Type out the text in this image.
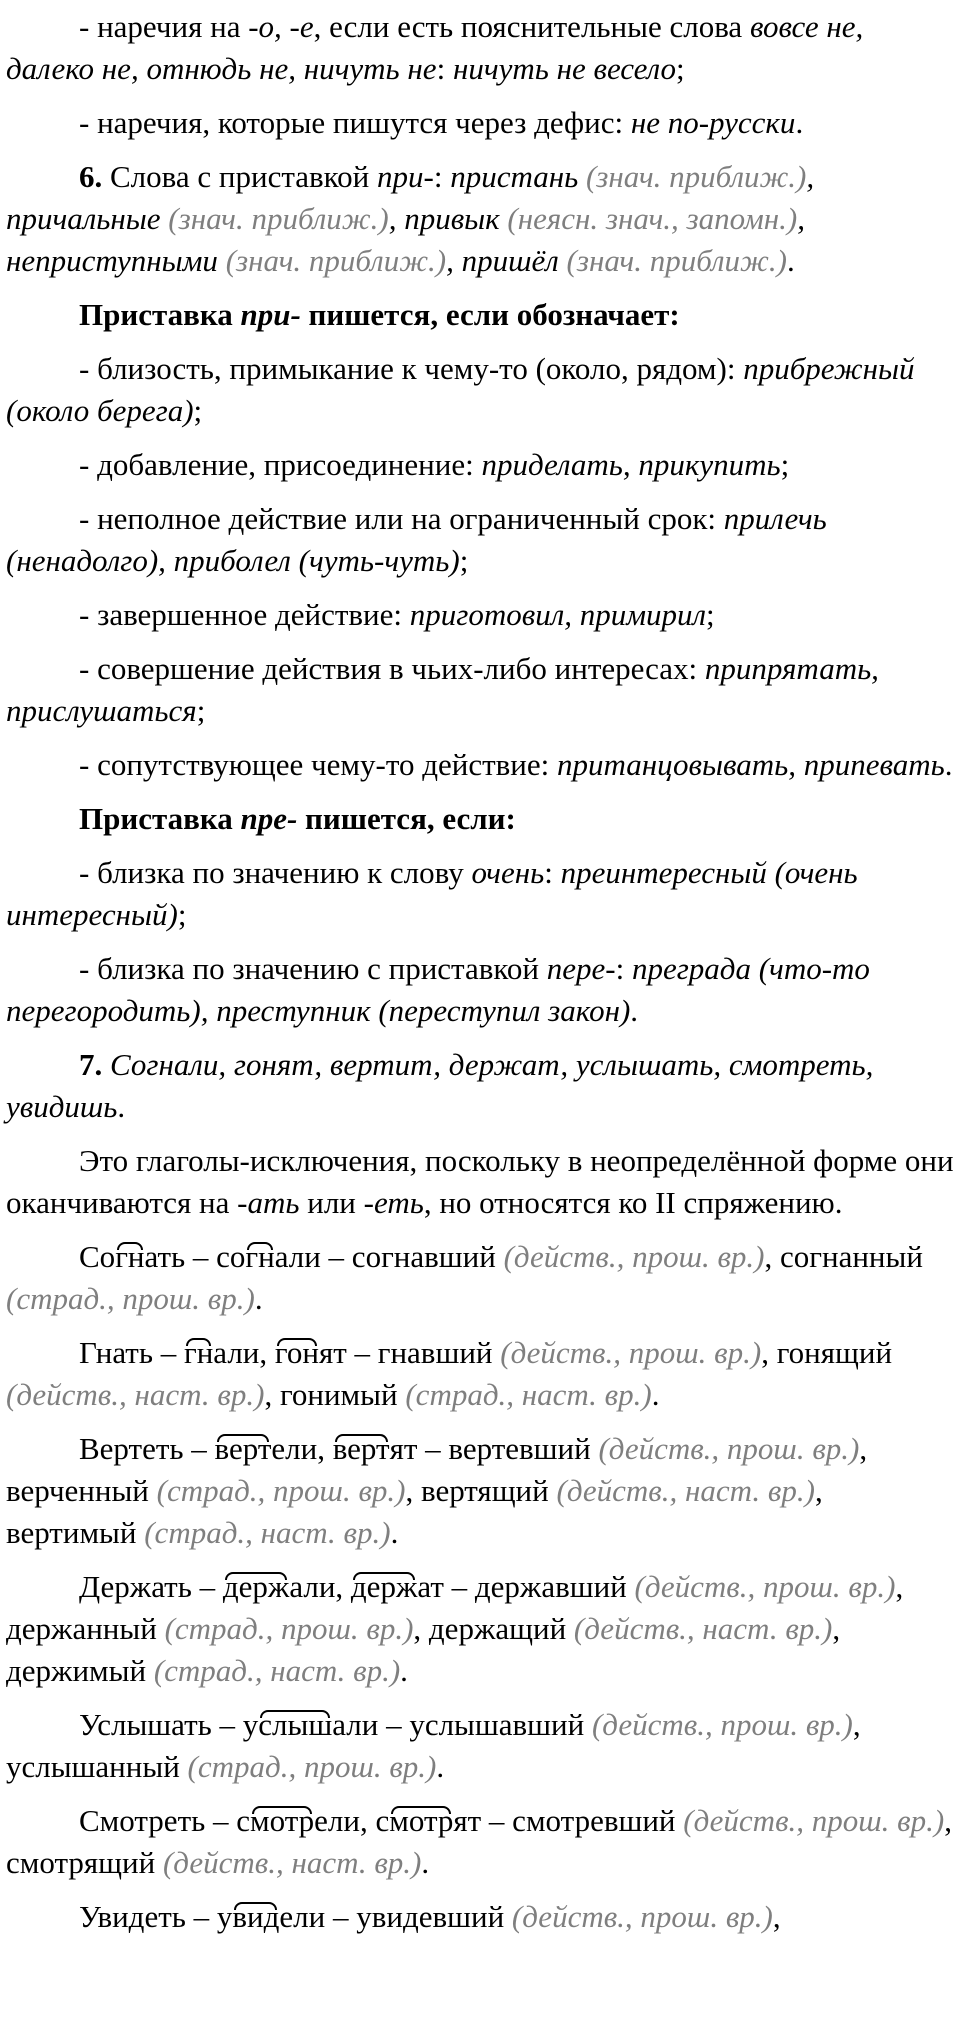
- наречия на -о, -е, если есть пояснительные слова вовсе не, далеко не, отнюдь не, ничуть не: ничуть не весело;

- наречия, которые пишутся через дефис: не по-русски.

6. Слова с приставкой при-: пристань (знач. приближ.), причальные (знач. приближ.), привык (неясн. знач., запомн.), неприступными (знач. приближ.), пришёл (знач. приближ.).

Приставка при- пишется, если обозначает:

- близость, примыкание к чему-то (около, рядом): прибрежный (около берега);

- добавление, присоединение: приделать, прикупить;

- неполное действие или на ограниченный срок: прилечь (ненадолго), приболел (чуть-чуть);

- завершенное действие: приготовил, примирил;

- совершение действия в чьих-либо интересах: припрятать, прислушаться;

- сопутствующее чему-то действие: пританцовывать, припевать.

Приставка пре- пишется, если:

- близка по значению к слову очень: преинтересный (очень интересный);

- близка по значению с приставкой пере-: преграда (что-то перегородить), преступник (переступил закон).

7. Согнали, гонят, вертит, держат, услышать, смотреть, увидишь.

Это глаголы-исключения, поскольку в неопределённой форме они оканчиваются на -ать или -еть, но относятся ко II спряжению.

Согнать – согнали – согнавший (действ., прош. вр.), согнанный (страд., прош. вр.).

Гнать – гнали, гонят – гнавший (действ., прош. вр.), гонящий (действ., наст. вр.), гонимый (страд., наст. вр.).

Вертеть – вертели, вертят – вертевший (действ., прош. вр.), верченный (страд., прош. вр.), вертящий (действ., наст. вр.), вертимый (страд., наст. вр.).

Держать – держали, держат – державший (действ., прош. вр.), держанный (страд., прош. вр.), держащий (действ., наст. вр.), держимый (страд., наст. вр.).

Услышать – услышали – услышавший (действ., прош. вр.), услышанный (страд., прош. вр.).

Смотреть – смотрели, смотрят – смотревший (действ., прош. вр.), смотрящий (действ., наст. вр.).

Увидеть – увидели – увидевший (действ., прош. вр.),
